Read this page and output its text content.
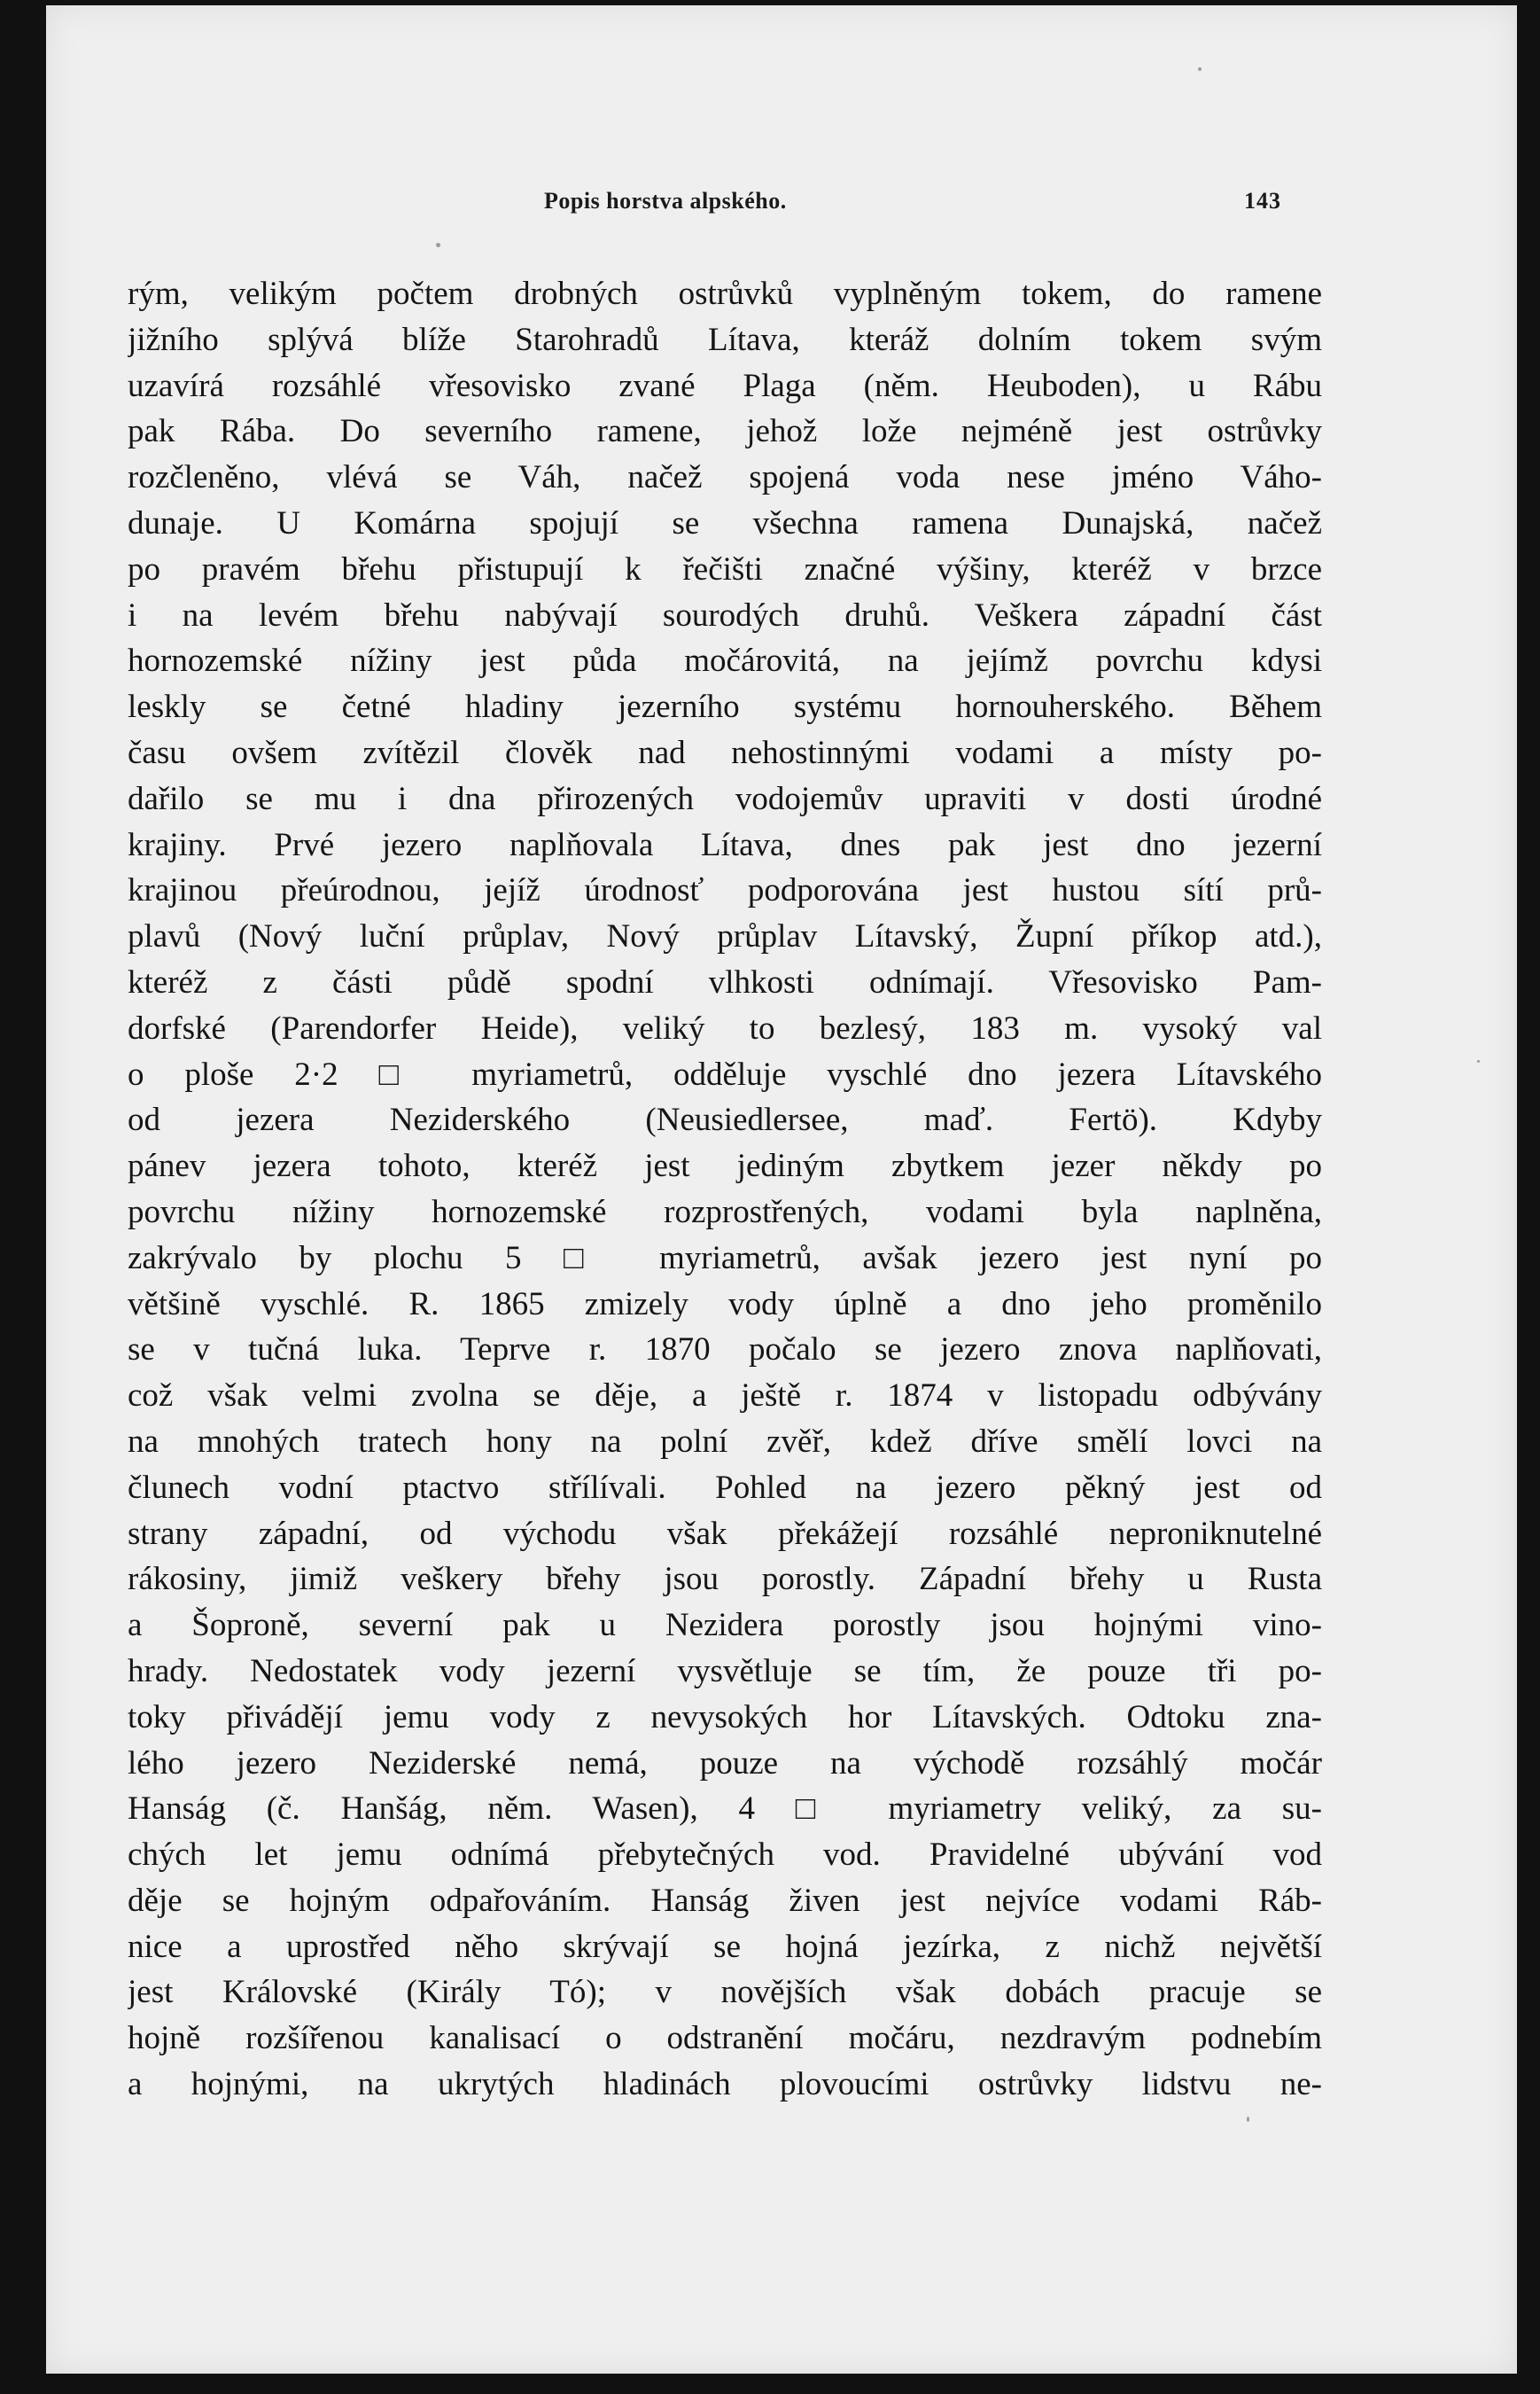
Popis horstva alpského.	143
rým, velikým počtem drobných ostrůvků vyplněným tokem, do ramene
jižního splývá blíže Starohradů Lítava, kteráž dolním tokem svým
uzavírá rozsáhlé vřesovisko zvané Plaga (něm. Heuboden), u Rábu
pak Rába. Do severního ramene, jehož lože nejméně jest ostrůvky
rozčleněno, vlévá se Váh, načež spojená voda nese jméno Váho-
dunaje. U Komárna spojují se všechna ramena Dunajská, načež
po pravém břehu přistupují k řečišti značné výšiny, kteréž v brzce
i na levém břehu nabývají sourodých druhů. Veškera západní část
hornozemské nížiny jest půda močárovitá, na jejímž povrchu kdysi
leskly se četné hladiny jezerního systému hornouherského. Během
času ovšem zvítězil člověk nad nehostinnými vodami a místy po-
dařilo se mu i dna přirozených vodojemův upraviti v dosti úrodné
krajiny. Prvé jezero naplňovala Lítava, dnes pak jest dno jezerní
krajinou přeúrodnou, jejíž úrodnosť podporována jest hustou sítí prů-
plavů (Nový luční průplav, Nový průplav Lítavský, Župní příkop atd.),
kteréž z části půdě spodní vlhkosti odnímají. Vřesovisko Pam-
dorfské (Parendorfer Heide), veliký to bezlesý, 183 m. vysoký val
o ploše 2·2 □ myriametrů, odděluje vyschlé dno jezera Lítavského
od jezera Neziderského (Neusiedlersee, maď. Fertö). Kdyby
pánev jezera tohoto, kteréž jest jediným zbytkem jezer někdy po
povrchu nížiny hornozemské rozprostřených, vodami byla naplněna,
zakrývalo by plochu 5 □ myriametrů, avšak jezero jest nyní po
většině vyschlé. R. 1865 zmizely vody úplně a dno jeho proměnilo
se v tučná luka. Teprve r. 1870 počalo se jezero znova naplňovati,
což však velmi zvolna se děje, a ještě r. 1874 v listopadu odbývány
na mnohých tratech hony na polní zvěř, kdež dříve smělí lovci na
člunech vodní ptactvo střílívali. Pohled na jezero pěkný jest od
strany západní, od východu však překážejí rozsáhlé neproniknutelné
rákosiny, jimiž veškery břehy jsou porostly. Západní břehy u Rusta
a Šoproně, severní pak u Nezidera porostly jsou hojnými vino-
hrady. Nedostatek vody jezerní vysvětluje se tím, že pouze tři po-
toky přivádějí jemu vody z nevysokých hor Lítavských. Odtoku zna-
lého jezero Neziderské nemá, pouze na východě rozsáhlý močár
Hanság (č. Hanšág, něm. Wasen), 4 □ myriametry veliký, za su-
chých let jemu odnímá přebytečných vod. Pravidelné ubývání vod
děje se hojným odpařováním. Hanság živen jest nejvíce vodami Ráb-
nice a uprostřed něho skrývají se hojná jezírka, z nichž největší
jest Královské (Király Tó); v novějších však dobách pracuje se
hojně rozšířenou kanalisací o odstranění močáru, nezdravým podnebím
a hojnými, na ukrytých hladinách plovoucími ostrůvky lidstvu ne-
